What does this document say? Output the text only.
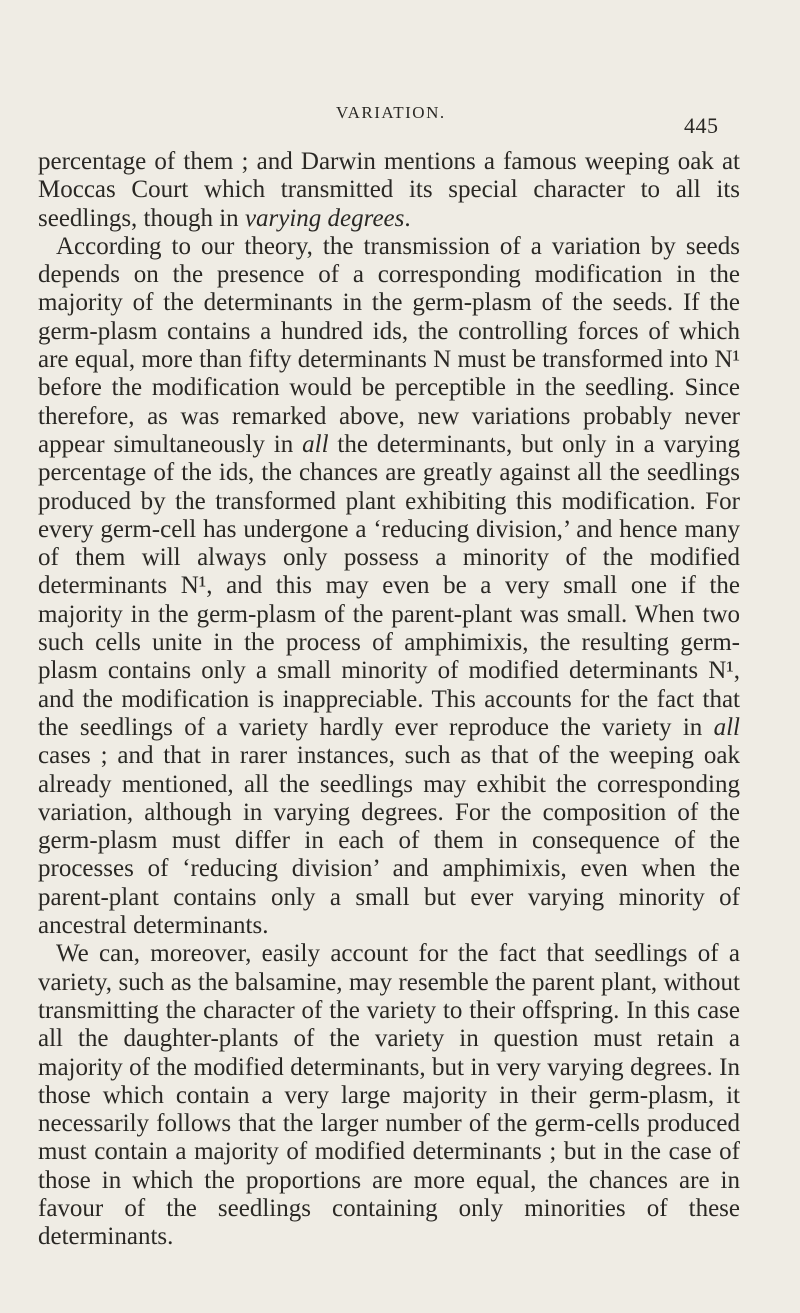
VARIATION.
445

percentage of them ; and Darwin mentions a famous weeping oak at Moccas Court which transmitted its special character to all its seedlings, though in varying degrees.

According to our theory, the transmission of a variation by seeds depends on the presence of a corresponding modification in the majority of the determinants in the germ-plasm of the seeds. If the germ-plasm contains a hundred ids, the controlling forces of which are equal, more than fifty determinants N must be transformed into N¹ before the modification would be perceptible in the seedling. Since therefore, as was remarked above, new variations probably never appear simultaneously in all the determinants, but only in a varying percentage of the ids, the chances are greatly against all the seedlings produced by the transformed plant exhibiting this modification. For every germ-cell has undergone a ‘reducing division,’ and hence many of them will always only possess a minority of the modified determinants N¹, and this may even be a very small one if the majority in the germ-plasm of the parent-plant was small. When two such cells unite in the process of amphimixis, the resulting germ-plasm contains only a small minority of modified determinants N¹, and the modification is inappreciable. This accounts for the fact that the seedlings of a variety hardly ever reproduce the variety in all cases ; and that in rarer instances, such as that of the weeping oak already mentioned, all the seedlings may exhibit the corresponding variation, although in varying degrees. For the composition of the germ-plasm must differ in each of them in consequence of the processes of ‘reducing division’ and amphimixis, even when the parent-plant contains only a small but ever varying minority of ancestral determinants.

We can, moreover, easily account for the fact that seedlings of a variety, such as the balsamine, may resemble the parent plant, without transmitting the character of the variety to their offspring. In this case all the daughter-plants of the variety in question must retain a majority of the modified determinants, but in very varying degrees. In those which contain a very large majority in their germ-plasm, it necessarily follows that the larger number of the germ-cells produced must contain a majority of modified determinants ; but in the case of those in which the proportions are more equal, the chances are in favour of the seedlings containing only minorities of these determinants.
